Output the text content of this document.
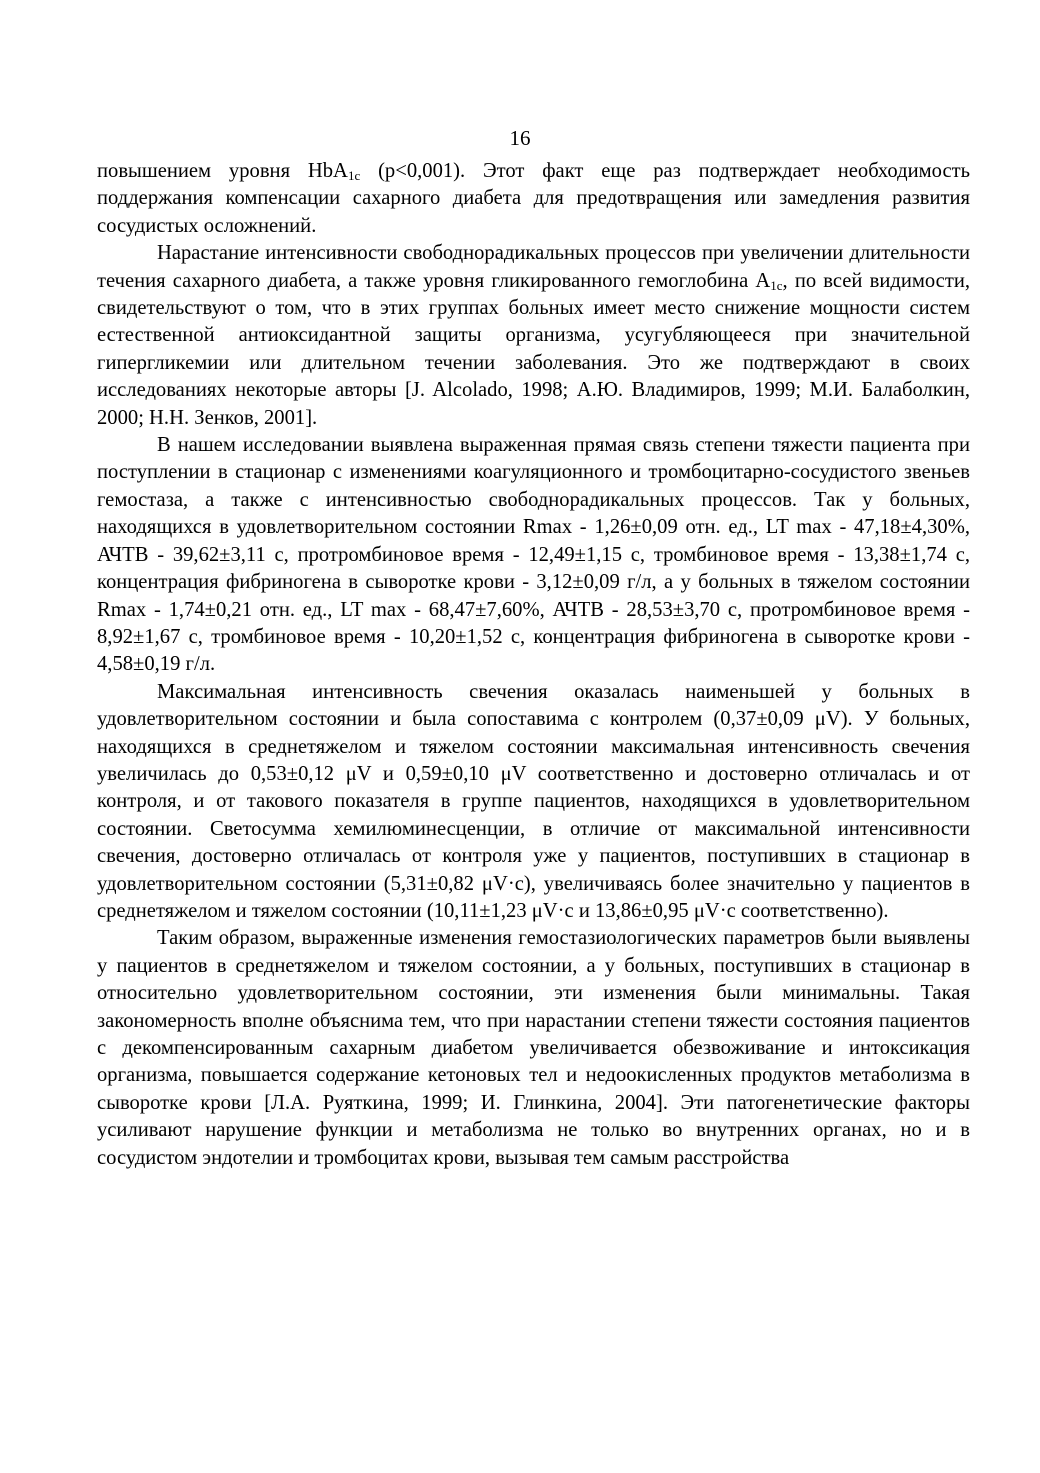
16

повышением уровня HbA$_{1c}$ (p<0,001). Этот факт еще раз подтверждает необходимость поддержания компенсации сахарного диабета для предотвращения или замедления развития сосудистых осложнений.

Нарастание интенсивности свободнорадикальных процессов при увеличении длительности течения сахарного диабета, а также уровня гликированного гемоглобина $А_{1с}$, по всей видимости, свидетельствуют о том, что в этих группах больных имеет место снижение мощности систем естественной антиоксидантной защиты организма, усугубляющееся при значительной гипергликемии или длительном течении заболевания. Это же подтверждают в своих исследованиях некоторые авторы [J. Alcolado, 1998; А.Ю. Владимиров, 1999; М.И. Балаболкин, 2000; Н.Н. Зенков, 2001].

В нашем исследовании выявлена выраженная прямая связь степени тяжести пациента при поступлении в стационар с изменениями коагуляционного и тромбоцитарно-сосудистого звеньев гемостаза, а также с интенсивностью свободнорадикальных процессов. Так у больных, находящихся в удовлетворительном состоянии Rmax - 1,26±0,09 отн. ед., LT max - 47,18±4,30%, АЧТВ - 39,62±3,11 с, протромбиновое время - 12,49±1,15 с, тромбиновое время - 13,38±1,74 с, концентрация фибриногена в сыворотке крови - 3,12±0,09 г/л, а у больных в тяжелом состоянии Rmax - 1,74±0,21 отн. ед., LT max - 68,47±7,60%, АЧТВ - 28,53±3,70 с, протромбиновое время - 8,92±1,67 с, тромбиновое время - 10,20±1,52 с, концентрация фибриногена в сыворотке крови - 4,58±0,19 г/л.

Максимальная интенсивность свечения оказалась наименьшей у больных в удовлетворительном состоянии и была сопоставима с контролем (0,37±0,09 μV). У больных, находящихся в среднетяжелом и тяжелом состоянии максимальная интенсивность свечения увеличилась до 0,53±0,12 μV и 0,59±0,10 μV соответственно и достоверно отличалась и от контроля, и от такового показателя в группе пациентов, находящихся в удовлетворительном состоянии. Светосумма хемилюминесценции, в отличие от максимальной интенсивности свечения, достоверно отличалась от контроля уже у пациентов, поступивших в стационар в удовлетворительном состоянии (5,31±0,82 μV·с), увеличиваясь более значительно у пациентов в среднетяжелом и тяжелом состоянии (10,11±1,23 μV·с и 13,86±0,95 μV·с соответственно).

Таким образом, выраженные изменения гемостазиологических параметров были выявлены у пациентов в среднетяжелом и тяжелом состоянии, а у больных, поступивших в стационар в относительно удовлетворительном состоянии, эти изменения были минимальны. Такая закономерность вполне объяснима тем, что при нарастании степени тяжести состояния пациентов с декомпенсированным сахарным диабетом увеличивается обезвоживание и интоксикация организма, повышается содержание кетоновых тел и недоокисленных продуктов метаболизма в сыворотке крови [Л.А. Руяткина, 1999; И. Глинкина, 2004]. Эти патогенетические факторы усиливают нарушение функции и метаболизма не только во внутренних органах, но и в сосудистом эндотелии и тромбоцитах крови, вызывая тем самым расстройства
